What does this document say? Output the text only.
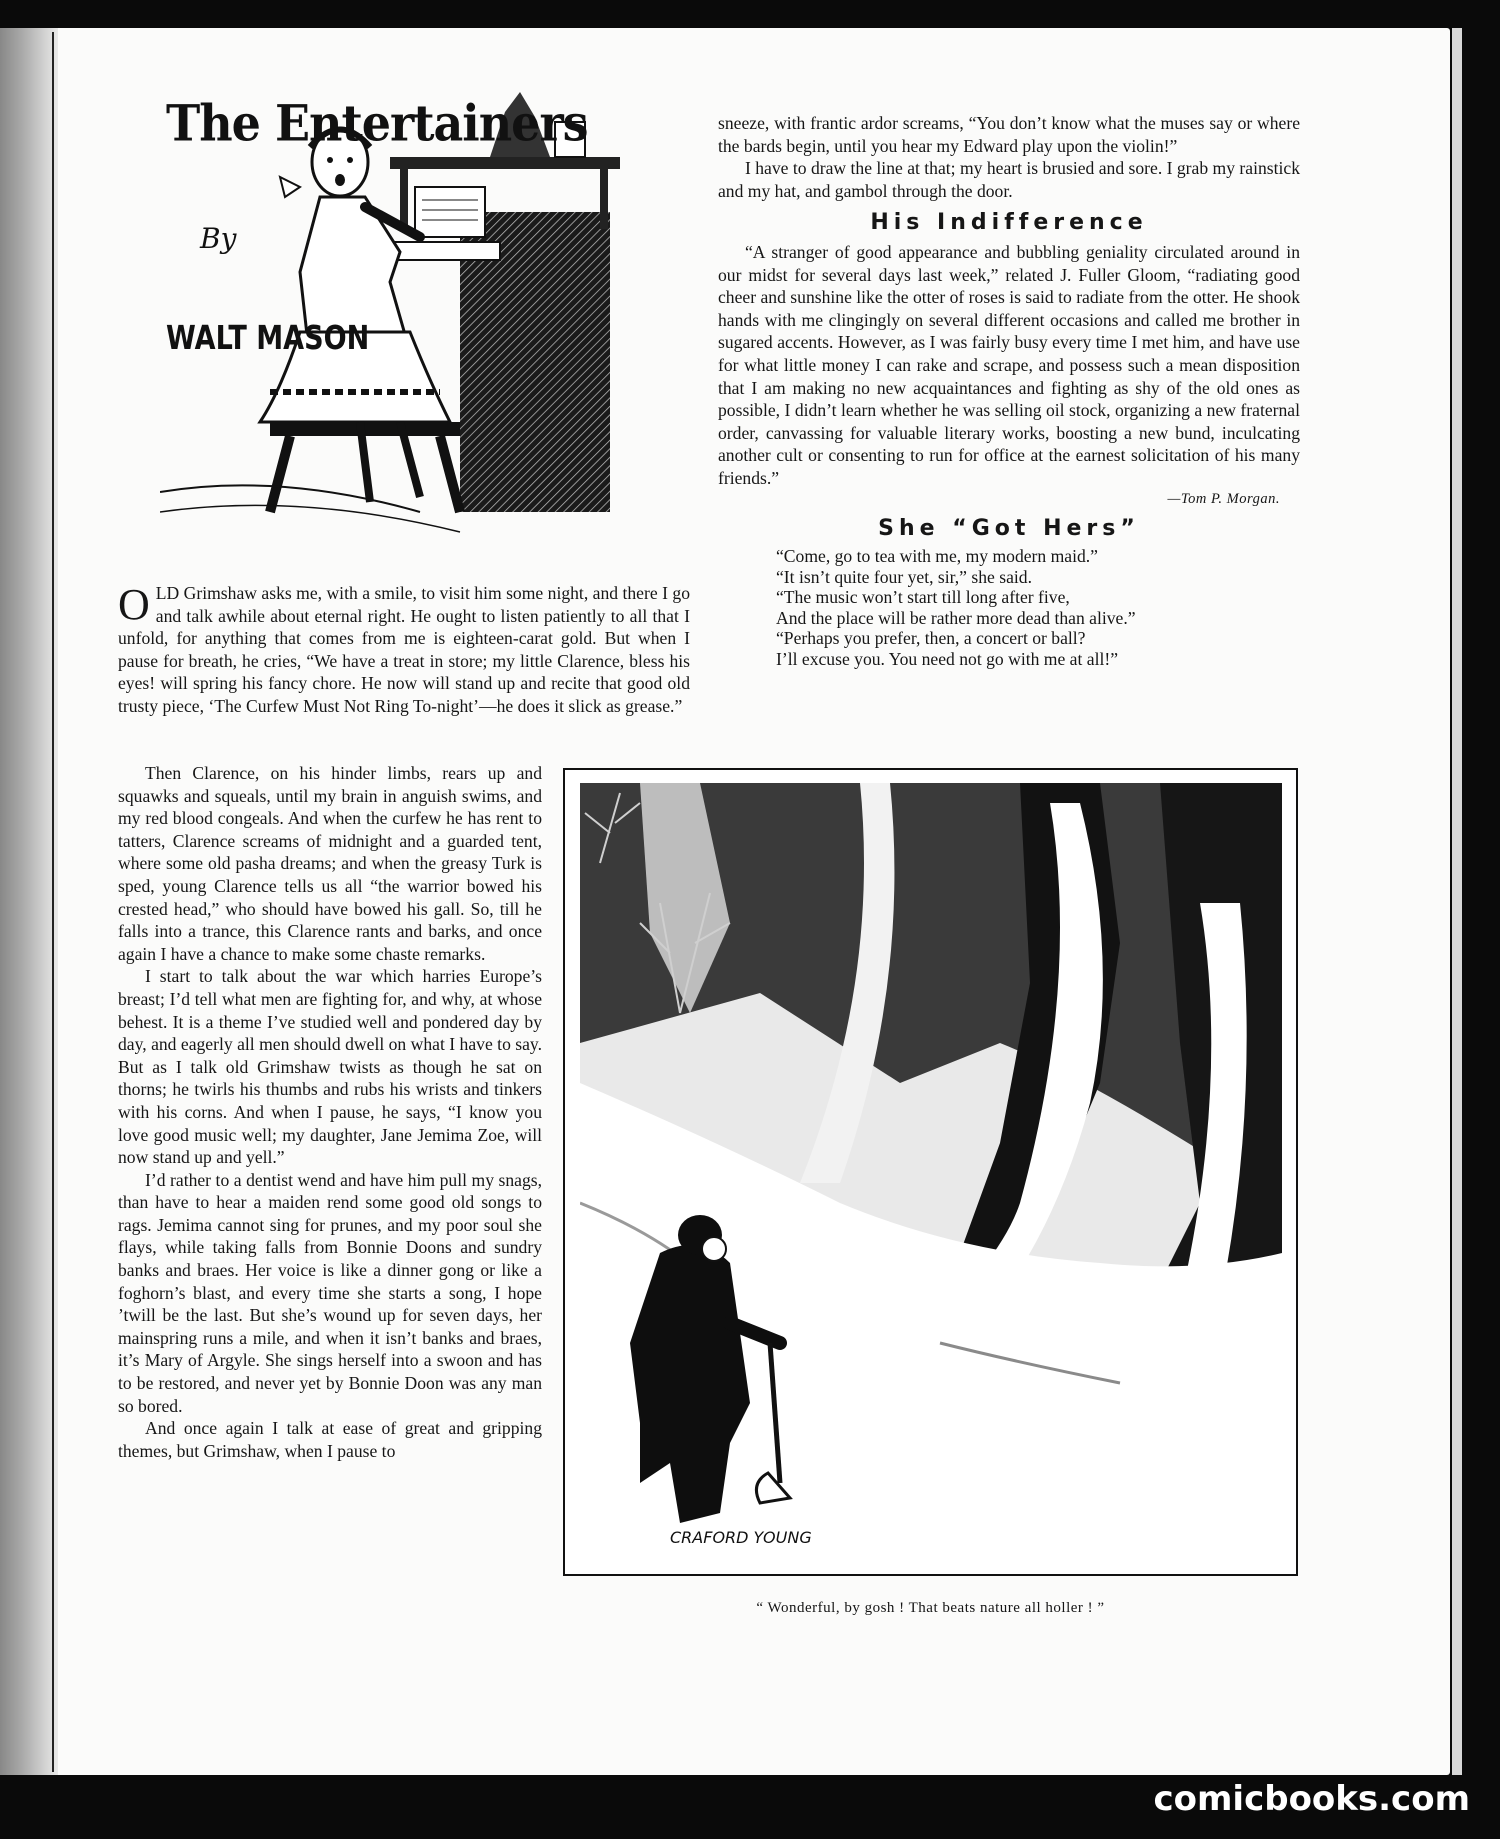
The Entertainers
By
WALT MASON

OLD Grimshaw asks me, with a smile, to visit him some night, and there I go and talk awhile about eternal right. He ought to listen patiently to all that I unfold, for anything that comes from me is eighteen-carat gold. But when I pause for breath, he cries, “We have a treat in store; my little Clarence, bless his eyes! will spring his fancy chore. He now will stand up and recite that good old trusty piece, ‘The Curfew Must Not Ring To-night’—he does it slick as grease.”

Then Clarence, on his hinder limbs, rears up and squawks and squeals, until my brain in anguish swims, and my red blood congeals. And when the curfew he has rent to tatters, Clarence screams of midnight and a guarded tent, where some old pasha dreams; and when the greasy Turk is sped, young Clarence tells us all “the warrior bowed his crested head,” who should have bowed his gall. So, till he falls into a trance, this Clarence rants and barks, and once again I have a chance to make some chaste remarks.

I start to talk about the war which harries Europe’s breast; I’d tell what men are fighting for, and why, at whose behest. It is a theme I’ve studied well and pondered day by day, and eagerly all men should dwell on what I have to say. But as I talk old Grimshaw twists as though he sat on thorns; he twirls his thumbs and rubs his wrists and tinkers with his corns. And when I pause, he says, “I know you love good music well; my daughter, Jane Jemima Zoe, will now stand up and yell.”

I’d rather to a dentist wend and have him pull my snags, than have to hear a maiden rend some good old songs to rags. Jemima cannot sing for prunes, and my poor soul she flays, while taking falls from Bonnie Doons and sundry banks and braes. Her voice is like a dinner gong or like a foghorn’s blast, and every time she starts a song, I hope ’twill be the last. But she’s wound up for seven days, her mainspring runs a mile, and when it isn’t banks and braes, it’s Mary of Argyle. She sings herself into a swoon and has to be restored, and never yet by Bonnie Doon was any man so bored.

And once again I talk at ease of great and gripping themes, but Grimshaw, when I pause to

sneeze, with frantic ardor screams, “You don’t know what the muses say or where the bards begin, until you hear my Edward play upon the violin!”

I have to draw the line at that; my heart is brusied and sore. I grab my rainstick and my hat, and gambol through the door.

His Indifference

“A stranger of good appearance and bubbling geniality circulated around in our midst for several days last week,” related J. Fuller Gloom, “radiating good cheer and sunshine like the otter of roses is said to radiate from the otter. He shook hands with me clingingly on several different occasions and called me brother in sugared accents. However, as I was fairly busy every time I met him, and have use for what little money I can rake and scrape, and possess such a mean disposition that I am making no new acquaintances and fighting as shy of the old ones as possible, I didn’t learn whether he was selling oil stock, organizing a new fraternal order, canvassing for valuable literary works, boosting a new bund, inculcating another cult or consenting to run for office at the earnest solicitation of his many friends.”

—Tom P. Morgan.
She “Got Hers”
“Come, go to tea with me, my modern maid.”
“It isn’t quite four yet, sir,” she said.
“The music won’t start till long after five,
And the place will be rather more dead than alive.”
“Perhaps you prefer, then, a concert or ball?
I’ll excuse you. You need not go with me at all!”
CRAFORD YOUNG
“ Wonderful, by gosh ! That beats nature all holler ! ”
comicbooks.com
